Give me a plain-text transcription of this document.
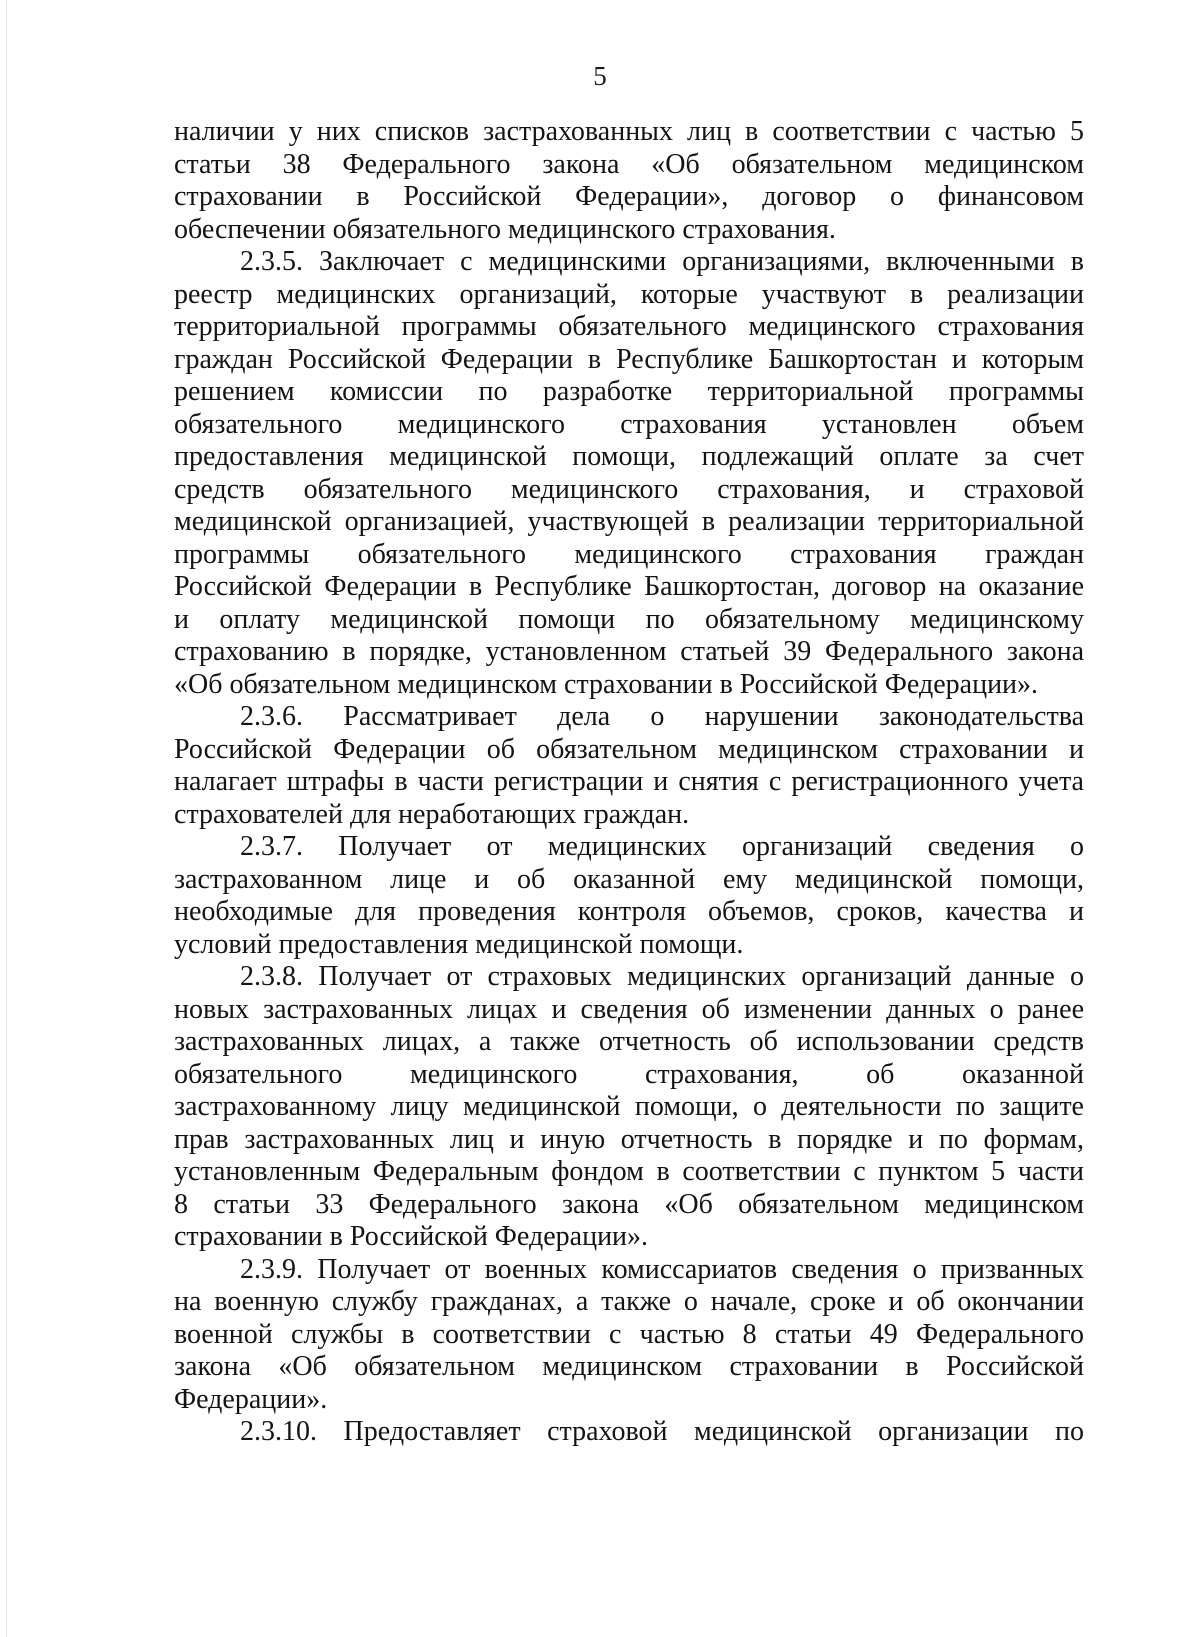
5
наличии у них списков застрахованных лиц в соответствии с частью 5
статьи 38 Федерального закона «Об обязательном медицинском
страховании в Российской Федерации», договор о финансовом
обеспечении обязательного медицинского страхования.
2.3.5. Заключает с медицинскими организациями, включенными в
реестр медицинских организаций, которые участвуют в реализации
территориальной программы обязательного медицинского страхования
граждан Российской Федерации в Республике Башкортостан и которым
решением комиссии по разработке территориальной программы
обязательного медицинского страхования установлен объем
предоставления медицинской помощи, подлежащий оплате за счет
средств обязательного медицинского страхования, и страховой
медицинской организацией, участвующей в реализации территориальной
программы обязательного медицинского страхования граждан
Российской Федерации в Республике Башкортостан, договор на оказание
и оплату медицинской помощи по обязательному медицинскому
страхованию в порядке, установленном статьей 39 Федерального закона
«Об обязательном медицинском страховании в Российской Федерации».
2.3.6. Рассматривает дела о нарушении законодательства
Российской Федерации об обязательном медицинском страховании и
налагает штрафы в части регистрации и снятия с регистрационного учета
страхователей для неработающих граждан.
2.3.7. Получает от медицинских организаций сведения о
застрахованном лице и об оказанной ему медицинской помощи,
необходимые для проведения контроля объемов, сроков, качества и
условий предоставления медицинской помощи.
2.3.8. Получает от страховых медицинских организаций данные о
новых застрахованных лицах и сведения об изменении данных о ранее
застрахованных лицах, а также отчетность об использовании средств
обязательного медицинского страхования, об оказанной
застрахованному лицу медицинской помощи, о деятельности по защите
прав застрахованных лиц и иную отчетность в порядке и по формам,
установленным Федеральным фондом в соответствии с пунктом 5 части
8 статьи 33 Федерального закона «Об обязательном медицинском
страховании в Российской Федерации».
2.3.9. Получает от военных комиссариатов сведения о призванных
на военную службу гражданах, а также о начале, сроке и об окончании
военной службы в соответствии с частью 8 статьи 49 Федерального
закона «Об обязательном медицинском страховании в Российской
Федерации».
2.3.10. Предоставляет страховой медицинской организации по
